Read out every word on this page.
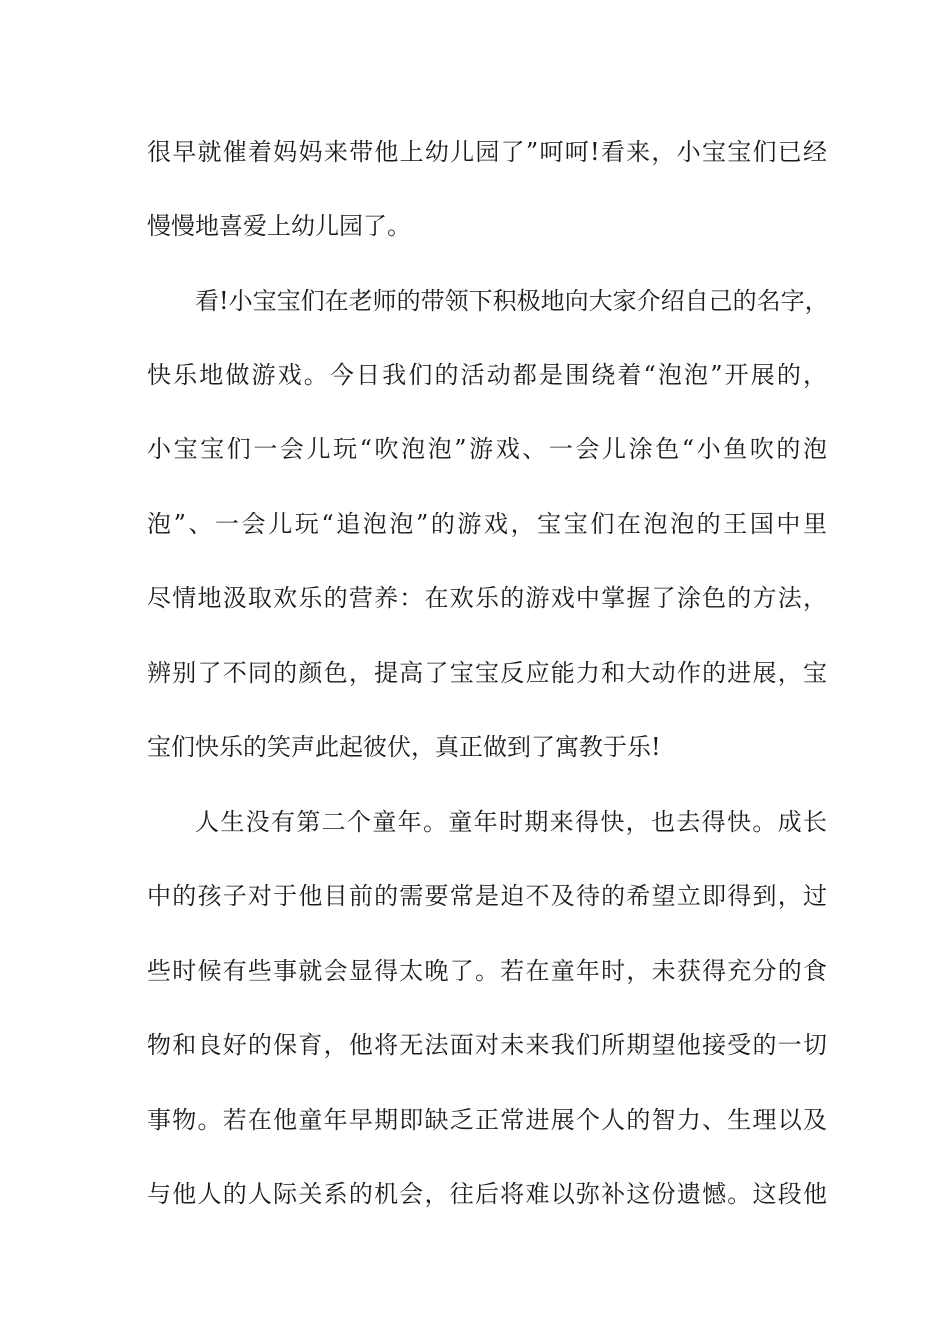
很早就催着妈妈来带他上幼儿园了”呵呵!看来，小宝宝们已经
慢慢地喜爱上幼儿园了。
看!小宝宝们在老师的带领下积极地向大家介绍自己的名字，
快乐地做游戏。今日我们的活动都是围绕着“泡泡”开展的，
小宝宝们一会儿玩“吹泡泡”游戏、一会儿涂色“小鱼吹的泡
泡”、一会儿玩“追泡泡”的游戏，宝宝们在泡泡的王国中里
尽情地汲取欢乐的营养：在欢乐的游戏中掌握了涂色的方法，
辨别了不同的颜色，提高了宝宝反应能力和大动作的进展，宝
宝们快乐的笑声此起彼伏，真正做到了寓教于乐!
人生没有第二个童年。童年时期来得快，也去得快。成长
中的孩子对于他目前的需要常是迫不及待的希望立即得到，过
些时候有些事就会显得太晚了。若在童年时，未获得充分的食
物和良好的保育，他将无法面对未来我们所期望他接受的一切
事物。若在他童年早期即缺乏正常进展个人的智力、生理以及
与他人的人际关系的机会，往后将难以弥补这份遗憾。这段他
